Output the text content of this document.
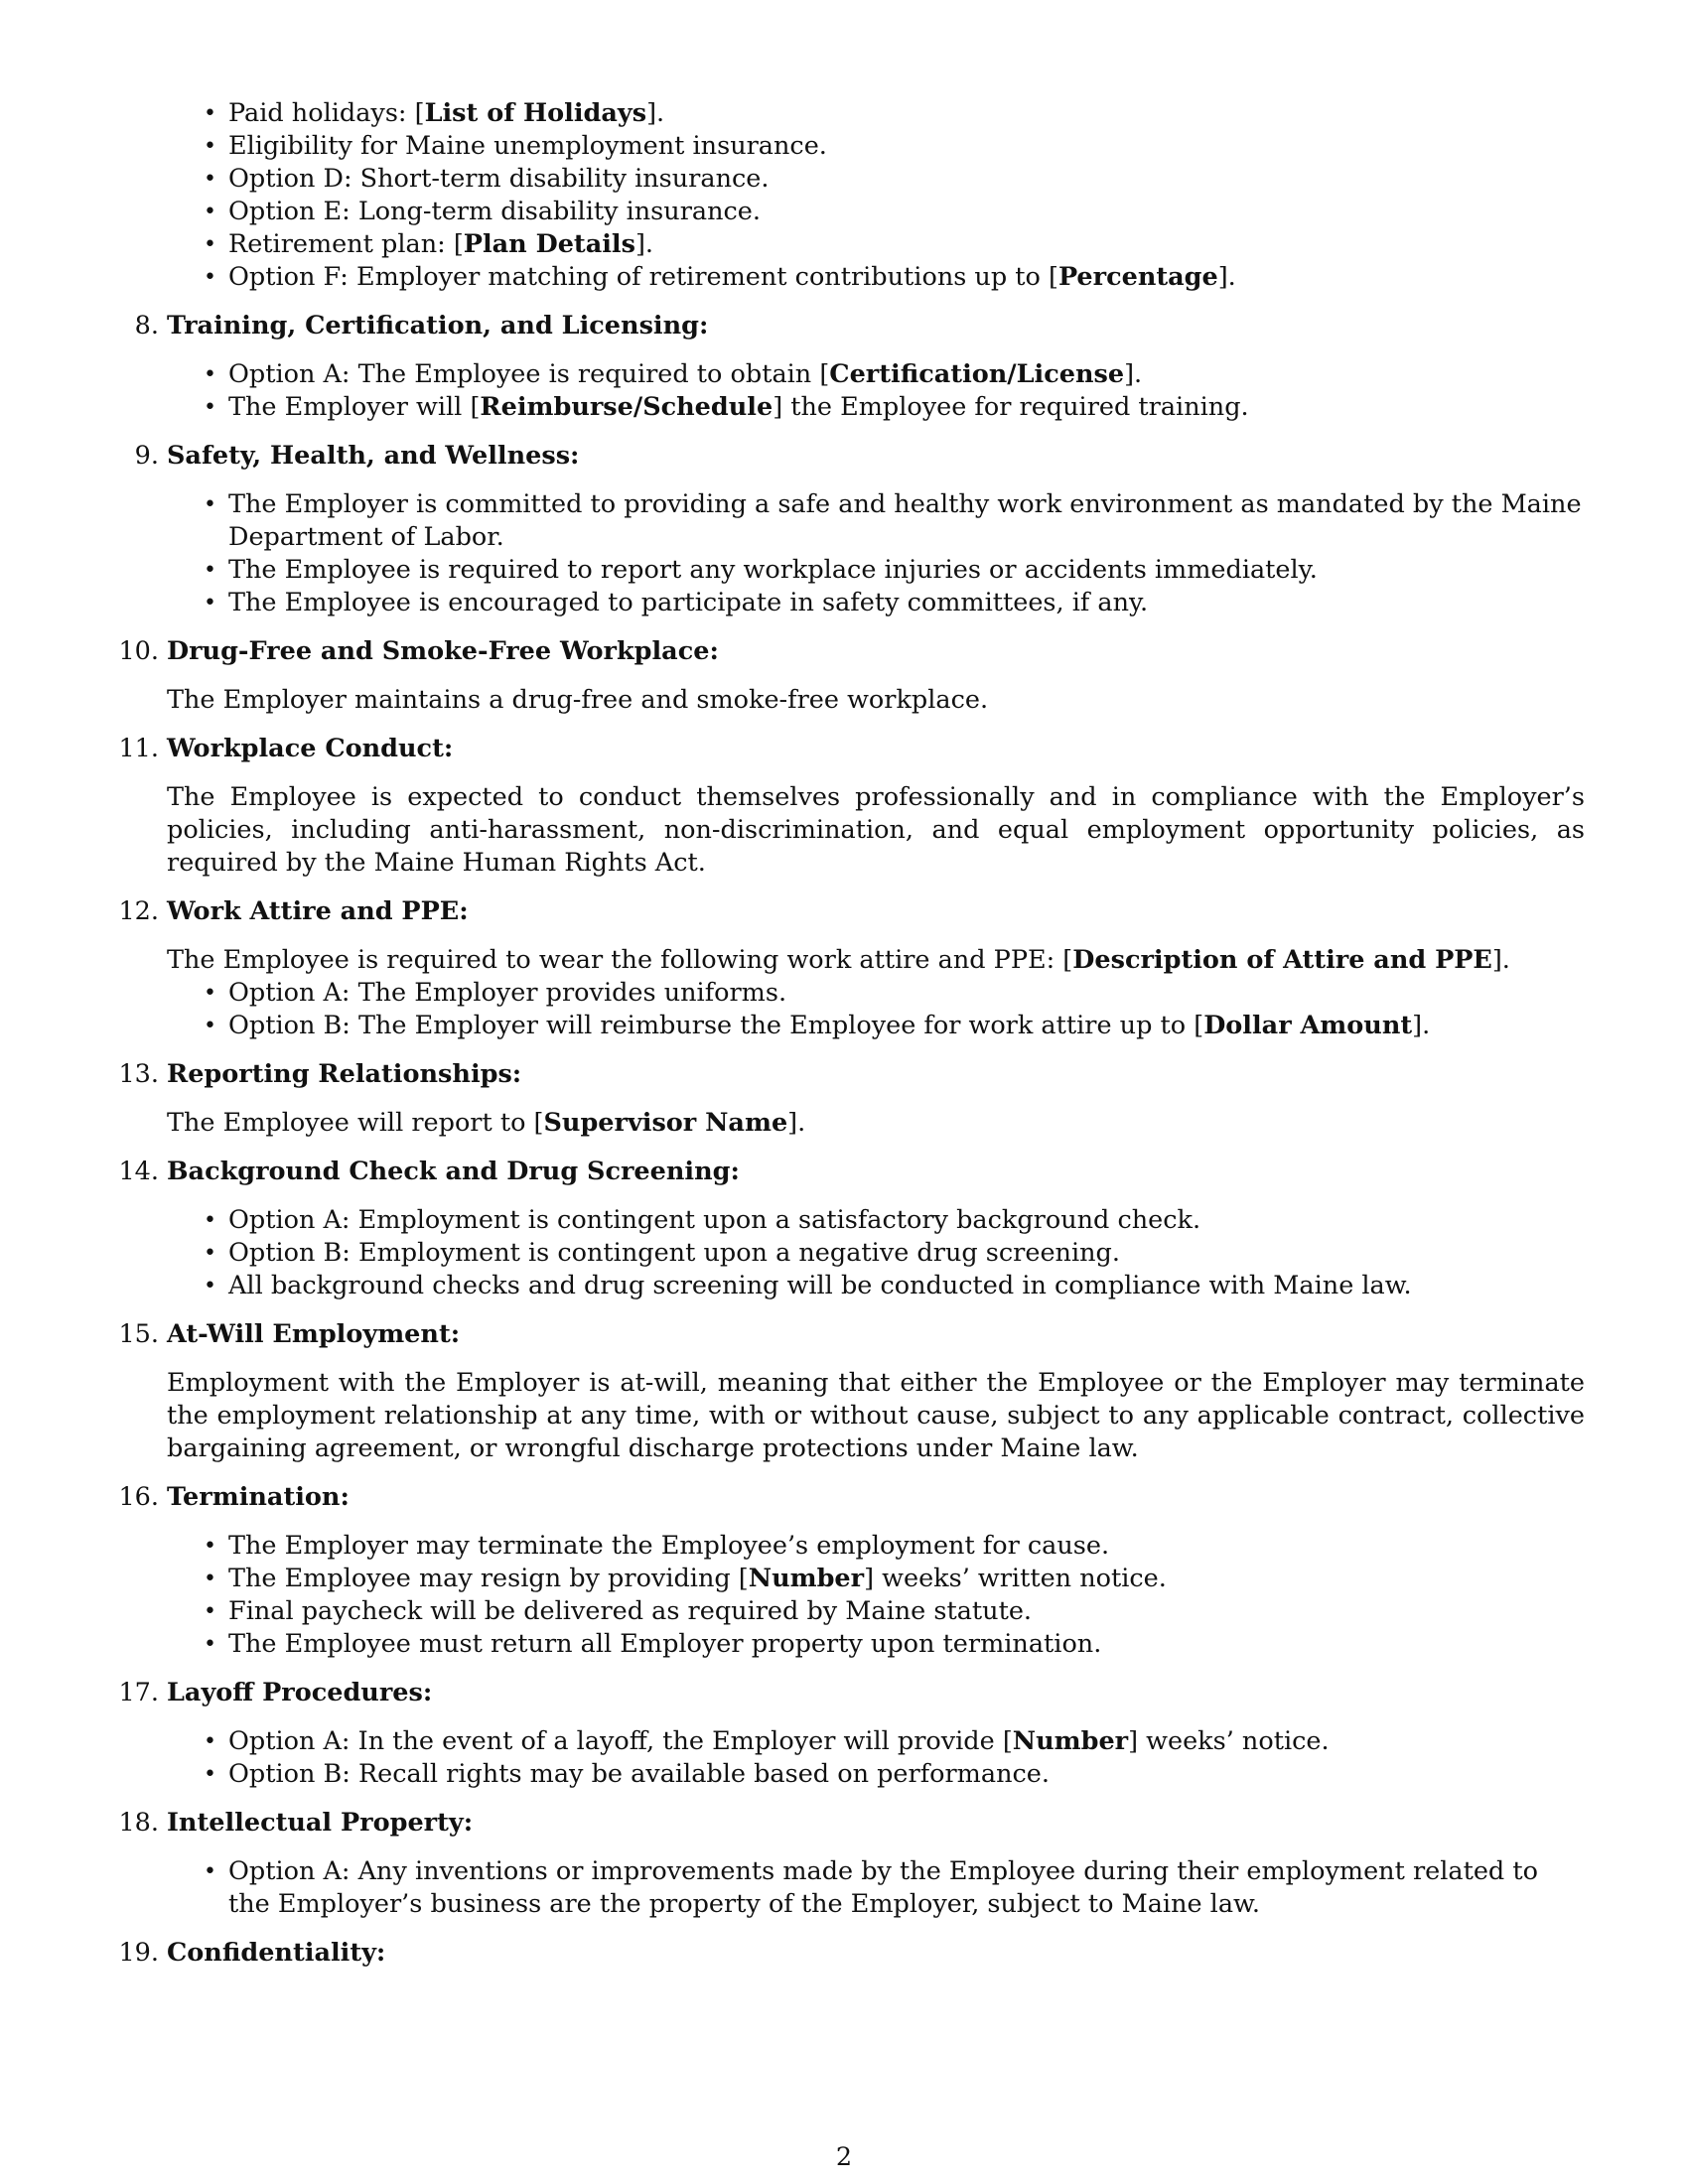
• Paid holidays: [List of Holidays].
• Eligibility for Maine unemployment insurance.
• Option D: Short-term disability insurance.
• Option E: Long-term disability insurance.
• Retirement plan: [Plan Details].
• Option F: Employer matching of retirement contributions up to [Percentage].
8. Training, Certification, and Licensing:
• Option A: The Employee is required to obtain [Certification/License].
• The Employer will [Reimburse/Schedule] the Employee for required training.
9. Safety, Health, and Wellness:
• The Employer is committed to providing a safe and healthy work environment as mandated by the Maine Department of Labor.
• The Employee is required to report any workplace injuries or accidents immediately.
• The Employee is encouraged to participate in safety committees, if any.
10. Drug-Free and Smoke-Free Workplace:

The Employer maintains a drug-free and smoke-free workplace.

11. Workplace Conduct:

The Employee is expected to conduct themselves professionally and in compliance with the Employer’s policies, including anti-harassment, non-discrimination, and equal employment opportunity policies, as required by the Maine Human Rights Act.

12. Work Attire and PPE:

The Employee is required to wear the following work attire and PPE: [Description of Attire and PPE].

• Option A: The Employer provides uniforms.
• Option B: The Employer will reimburse the Employee for work attire up to [Dollar Amount].
13. Reporting Relationships:

The Employee will report to [Supervisor Name].

14. Background Check and Drug Screening:
• Option A: Employment is contingent upon a satisfactory background check.
• Option B: Employment is contingent upon a negative drug screening.
• All background checks and drug screening will be conducted in compliance with Maine law.
15. At-Will Employment:

Employment with the Employer is at-will, meaning that either the Employee or the Employer may terminate the employment relationship at any time, with or without cause, subject to any applicable contract, collective bargaining agreement, or wrongful discharge protections under Maine law.

16. Termination:
• The Employer may terminate the Employee’s employment for cause.
• The Employee may resign by providing [Number] weeks’ written notice.
• Final paycheck will be delivered as required by Maine statute.
• The Employee must return all Employer property upon termination.
17. Layoff Procedures:
• Option A: In the event of a layoff, the Employer will provide [Number] weeks’ notice.
• Option B: Recall rights may be available based on performance.
18. Intellectual Property:
• Option A: Any inventions or improvements made by the Employee during their employment related to the Employer’s business are the property of the Employer, subject to Maine law.
19. Confidentiality:
2
